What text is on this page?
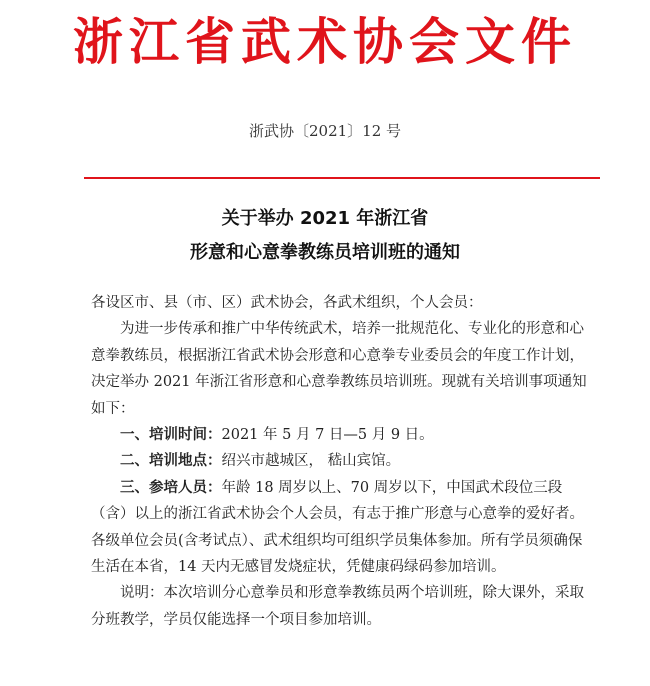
浙江省武术协会文件
浙武协〔2021〕12 号
关于举办 2021 年浙江省
形意和心意拳教练员培训班的通知

各设区市、县（市、区）武术协会，各武术组织，个人会员：

为进一步传承和推广中华传统武术，培养一批规范化、专业化的形意和心意拳教练员，根据浙江省武术协会形意和心意拳专业委员会的年度工作计划，决定举办 2021 年浙江省形意和心意拳教练员培训班。现就有关培训事项通知如下：

一、培训时间：2021 年 5 月 7 日—5 月 9 日。

二、培训地点：绍兴市越城区， 嵇山宾馆。

三、参培人员：年龄 18 周岁以上、70 周岁以下，中国武术段位三段（含）以上的浙江省武术协会个人会员，有志于推广形意与心意拳的爱好者。各级单位会员(含考试点）、武术组织均可组织学员集体参加。所有学员须确保生活在本省，14 天内无感冒发烧症状，凭健康码绿码参加培训。

说明：本次培训分心意拳员和形意拳教练员两个培训班，除大课外，采取分班教学，学员仅能选择一个项目参加培训。
